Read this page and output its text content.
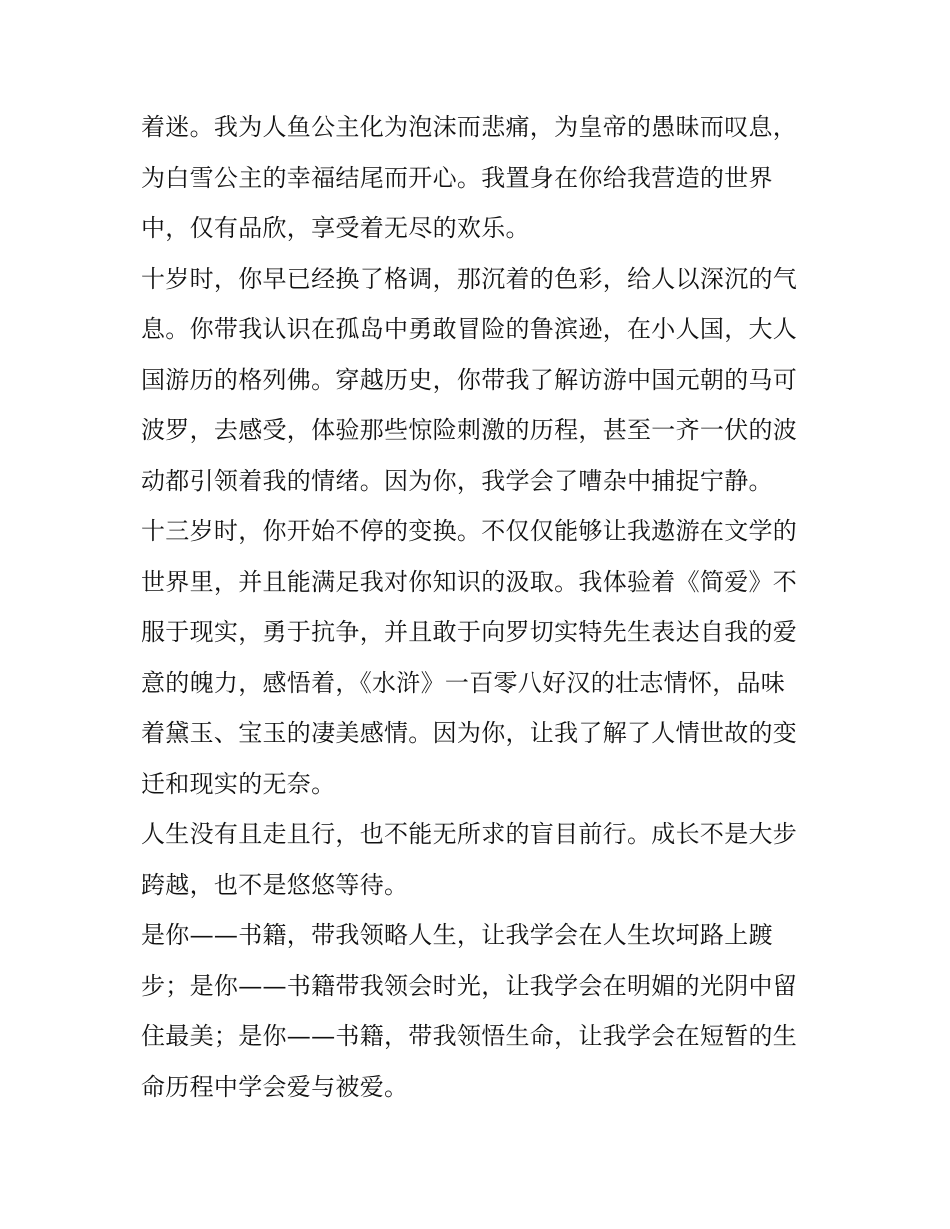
着迷。我为人鱼公主化为泡沫而悲痛，为皇帝的愚昧而叹息，
为白雪公主的幸福结尾而开心。我置身在你给我营造的世界
中，仅有品欣，享受着无尽的欢乐。

十岁时，你早已经换了格调，那沉着的色彩，给人以深沉的气
息。你带我认识在孤岛中勇敢冒险的鲁滨逊，在小人国，大人
国游历的格列佛。穿越历史，你带我了解访游中国元朝的马可
波罗，去感受，体验那些惊险刺激的历程，甚至一齐一伏的波
动都引领着我的情绪。因为你，我学会了嘈杂中捕捉宁静。

十三岁时，你开始不停的变换。不仅仅能够让我遨游在文学的
世界里，并且能满足我对你知识的汲取。我体验着《简爱》不
服于现实，勇于抗争，并且敢于向罗切实特先生表达自我的爱
意的魄力，感悟着，《水浒》一百零八好汉的壮志情怀，品味
着黛玉、宝玉的凄美感情。因为你，让我了解了人情世故的变
迁和现实的无奈。

人生没有且走且行，也不能无所求的盲目前行。成长不是大步
跨越，也不是悠悠等待。

是你——书籍，带我领略人生，让我学会在人生坎坷路上踱
步；是你——书籍带我领会时光，让我学会在明媚的光阴中留
住最美；是你——书籍，带我领悟生命，让我学会在短暂的生
命历程中学会爱与被爱。
